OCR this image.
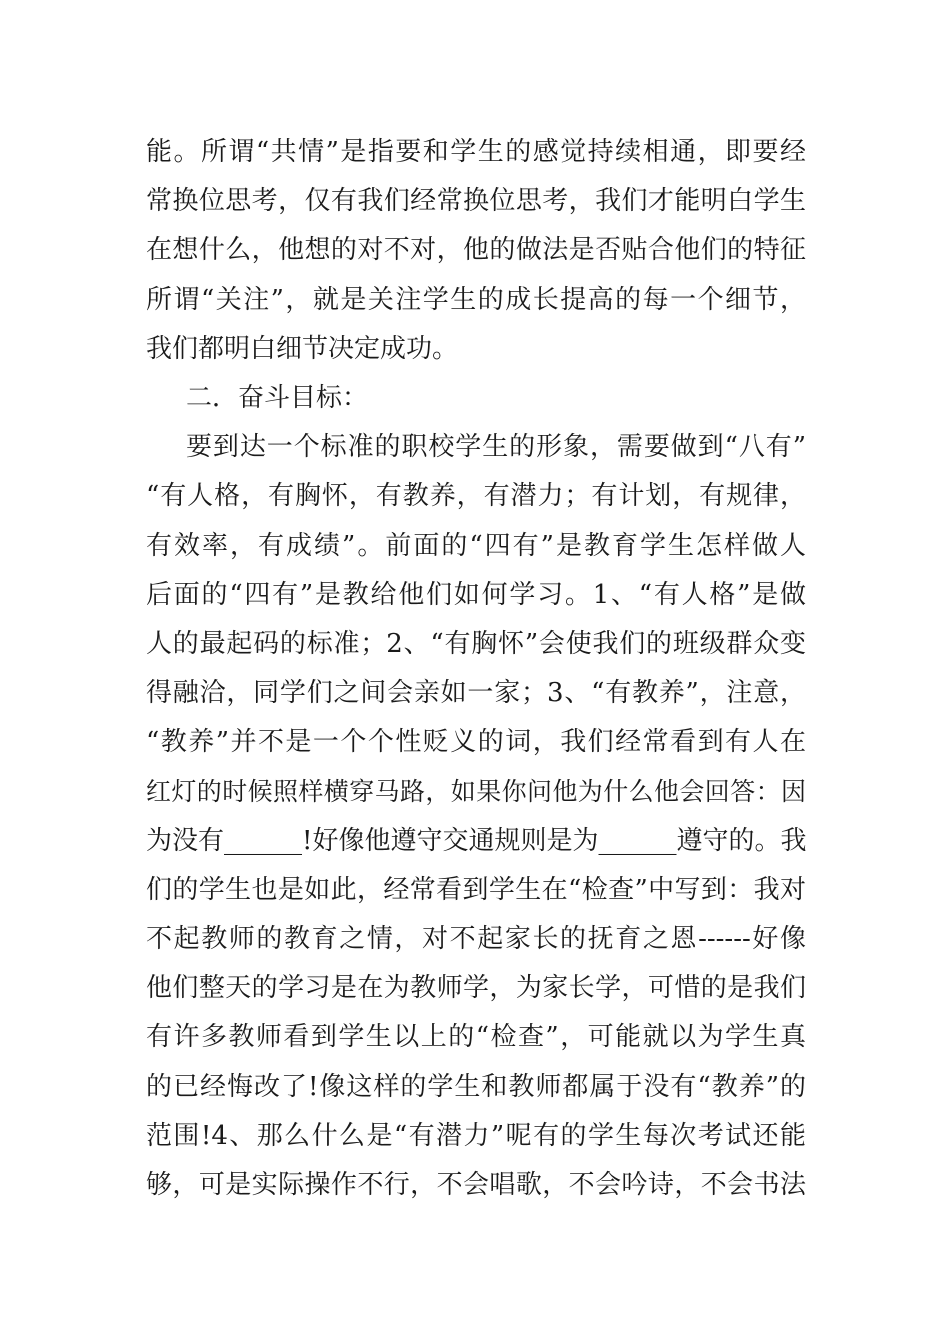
能。所谓“共情”是指要和学生的感觉持续相通，即要经
常换位思考，仅有我们经常换位思考，我们才能明白学生
在想什么，他想的对不对，他的做法是否贴合他们的特征
所谓“关注”，就是关注学生的成长提高的每一个细节，
我们都明白细节决定成功。
二．奋斗目标：
要到达一个标准的职校学生的形象，需要做到“八有”
“有人格，有胸怀，有教养，有潜力；有计划，有规律，
有效率，有成绩”。前面的“四有”是教育学生怎样做人
后面的“四有”是教给他们如何学习。1、“有人格”是做
人的最起码的标准；2、“有胸怀”会使我们的班级群众变
得融洽，同学们之间会亲如一家；3、“有教养”，注意，
“教养”并不是一个个性贬义的词，我们经常看到有人在
红灯的时候照样横穿马路，如果你问他为什么他会回答：因
为没有______!好像他遵守交通规则是为______遵守的。我
们的学生也是如此，经常看到学生在“检查”中写到：我对
不起教师的教育之情，对不起家长的抚育之恩------好像
他们整天的学习是在为教师学，为家长学，可惜的是我们
有许多教师看到学生以上的“检查”，可能就以为学生真
的已经悔改了!像这样的学生和教师都属于没有“教养”的
范围!4、那么什么是“有潜力”呢有的学生每次考试还能
够，可是实际操作不行，不会唱歌，不会吟诗，不会书法
